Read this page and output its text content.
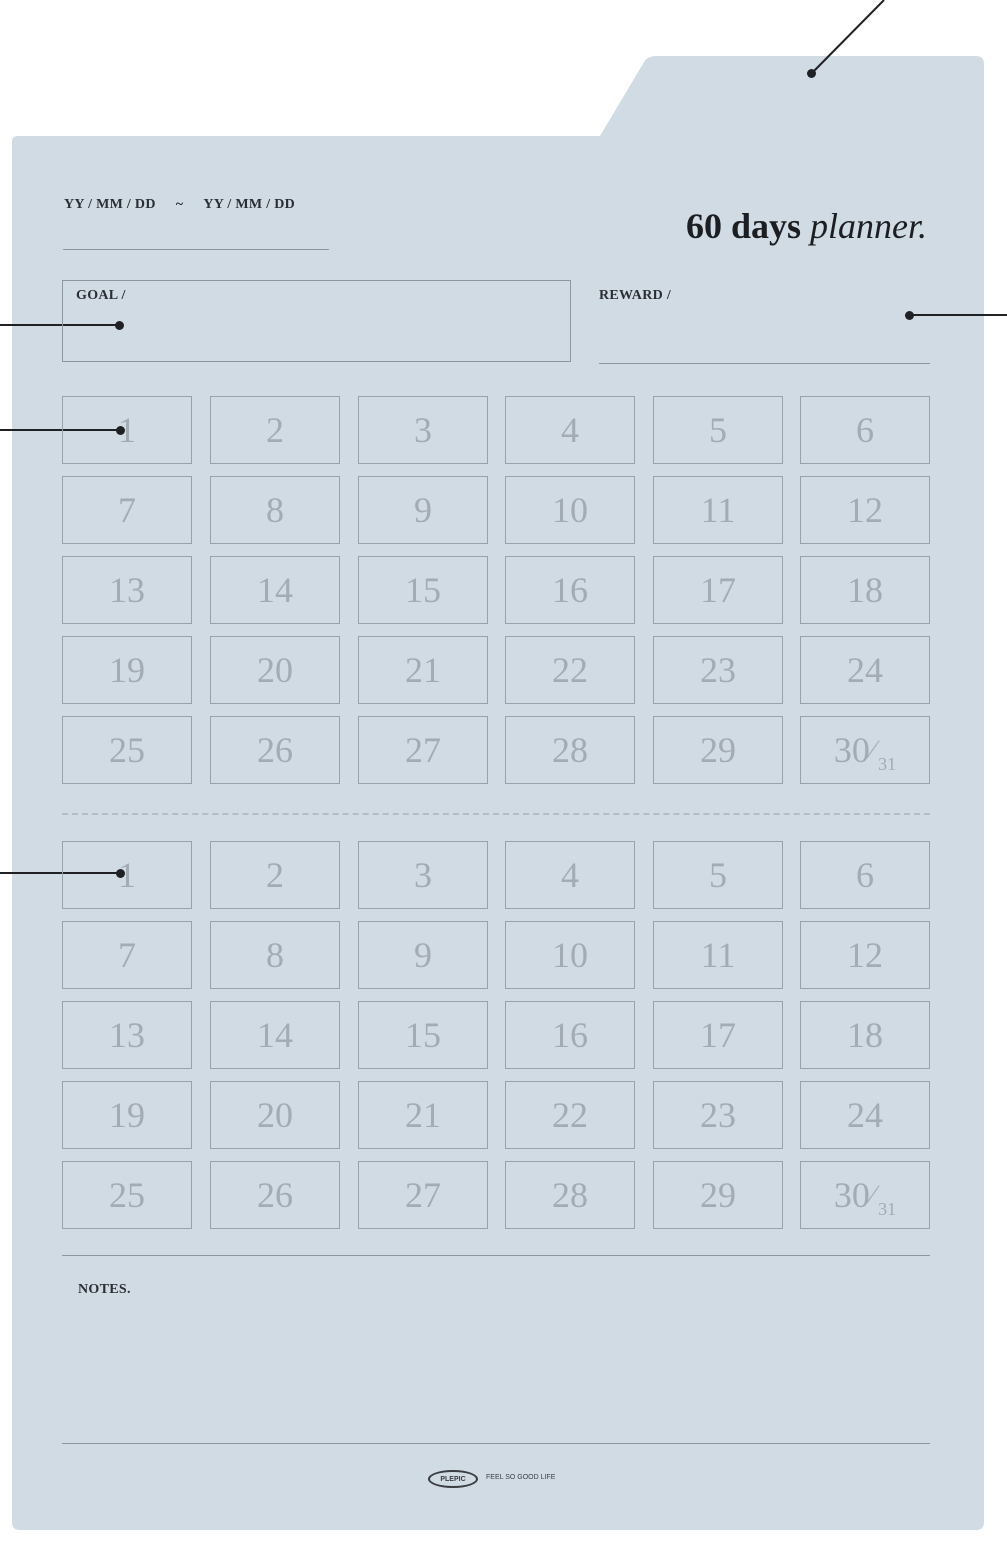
YY / MM / DD ~ YY / MM / DD
60 days planner.
GOAL /	REWARD /
1	2	3	4	5	6
7	8	9	10	11	12
13	14	15	16	17	18
19	20	21	22	23	24
25	26	27	28	29	30 ⁄ 31
1	2	3	4	5	6
7	8	9	10	11	12
13	14	15	16	17	18
19	20	21	22	23	24
25	26	27	28	29	30 ⁄ 31
NOTES.
PLEPIC	FEEL SO GOOD LIFE
